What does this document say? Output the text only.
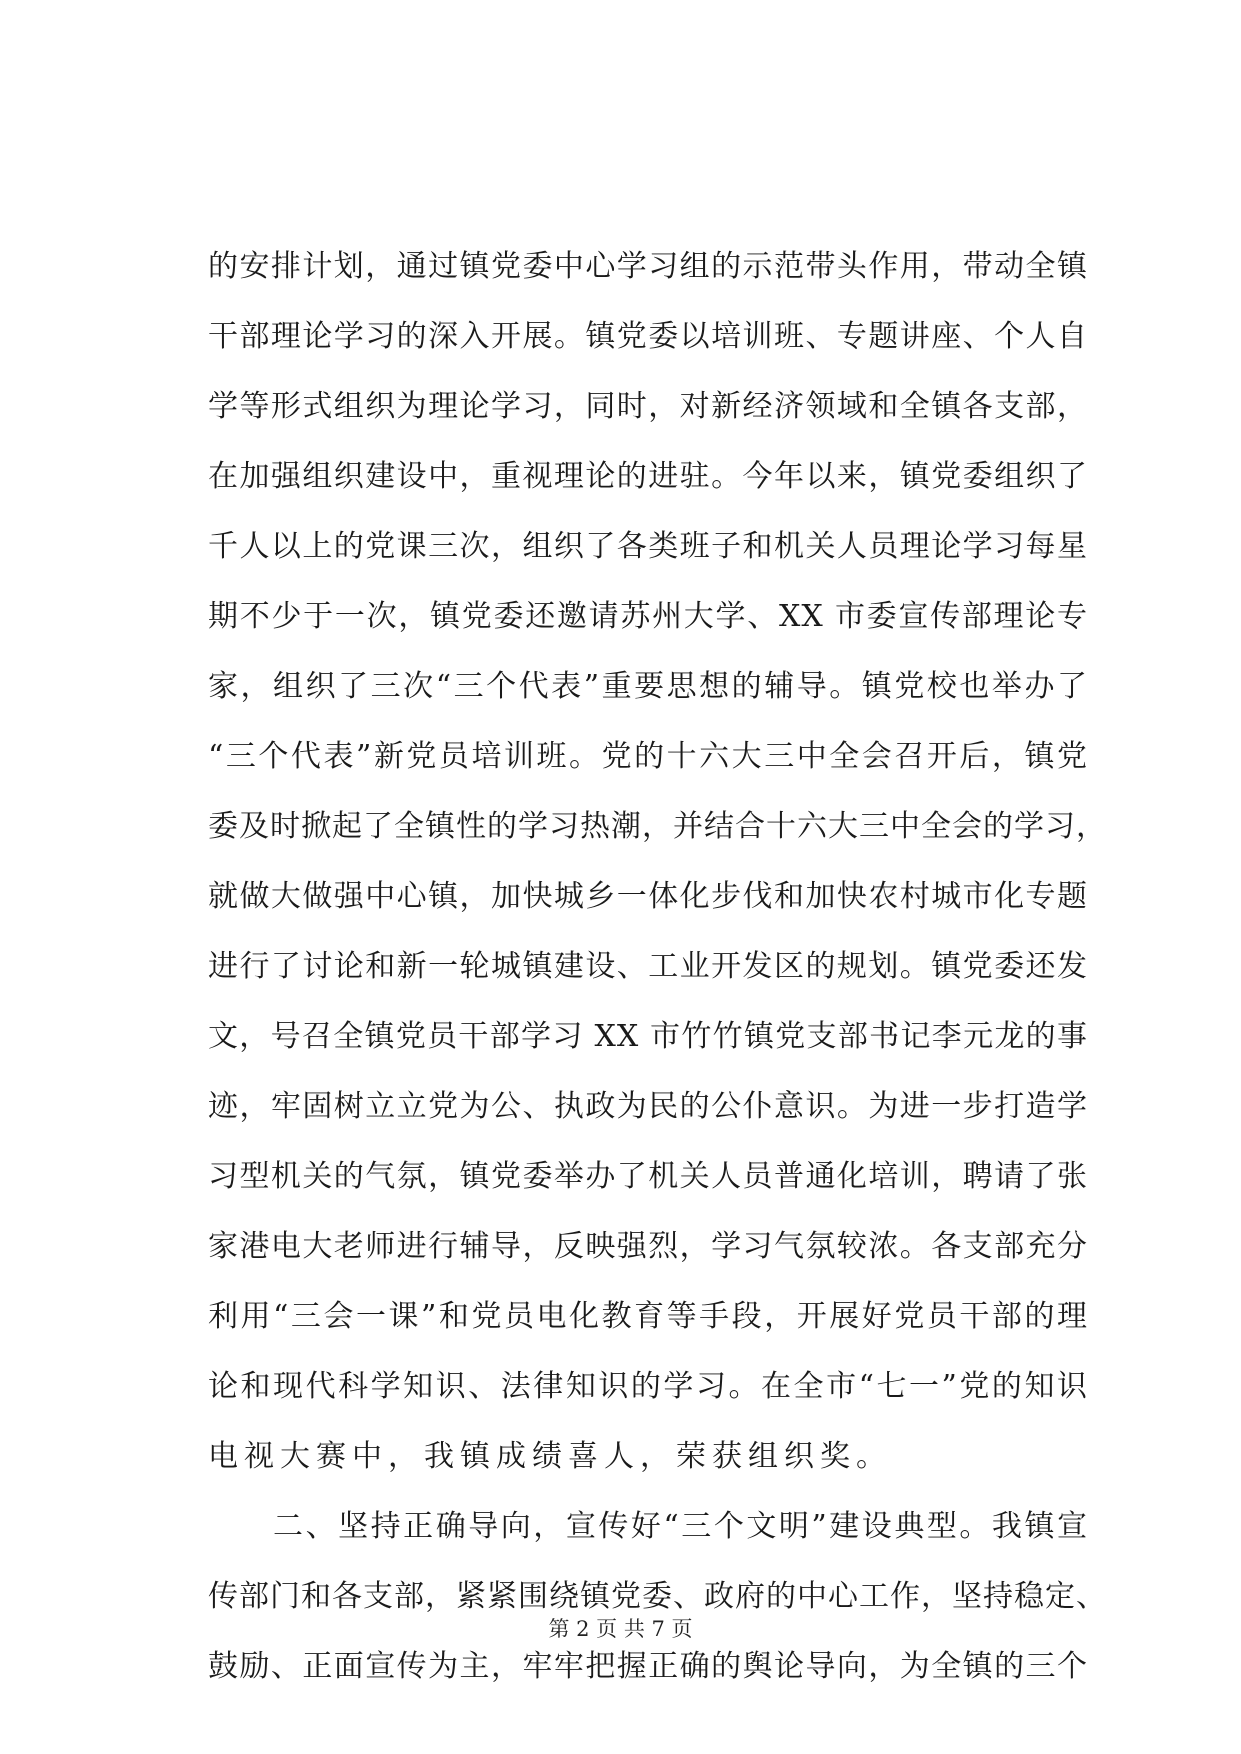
的安排计划，通过镇党委中心学习组的示范带头作用，带动全镇
干部理论学习的深入开展。镇党委以培训班、专题讲座、个人自
学等形式组织为理论学习，同时，对新经济领域和全镇各支部，
在加强组织建设中，重视理论的进驻。今年以来，镇党委组织了
千人以上的党课三次，组织了各类班子和机关人员理论学习每星
期不少于一次，镇党委还邀请苏州大学、XX 市委宣传部理论专
家，组织了三次“三个代表”重要思想的辅导。镇党校也举办了
“三个代表”新党员培训班。党的十六大三中全会召开后，镇党
委及时掀起了全镇性的学习热潮，并结合十六大三中全会的学习，
就做大做强中心镇，加快城乡一体化步伐和加快农村城市化专题
进行了讨论和新一轮城镇建设、工业开发区的规划。镇党委还发
文，号召全镇党员干部学习 XX 市竹竹镇党支部书记李元龙的事
迹，牢固树立立党为公、执政为民的公仆意识。为进一步打造学
习型机关的气氛，镇党委举办了机关人员普通化培训，聘请了张
家港电大老师进行辅导，反映强烈，学习气氛较浓。各支部充分
利用“三会一课”和党员电化教育等手段，开展好党员干部的理
论和现代科学知识、法律知识的学习。在全市“七一”党的知识
电视大赛中，我镇成绩喜人，荣获组织奖。
　　二、坚持正确导向，宣传好“三个文明”建设典型。我镇宣
传部门和各支部，紧紧围绕镇党委、政府的中心工作，坚持稳定、
鼓励、正面宣传为主，牢牢把握正确的舆论导向，为全镇的三个
第 2 页 共 7 页
